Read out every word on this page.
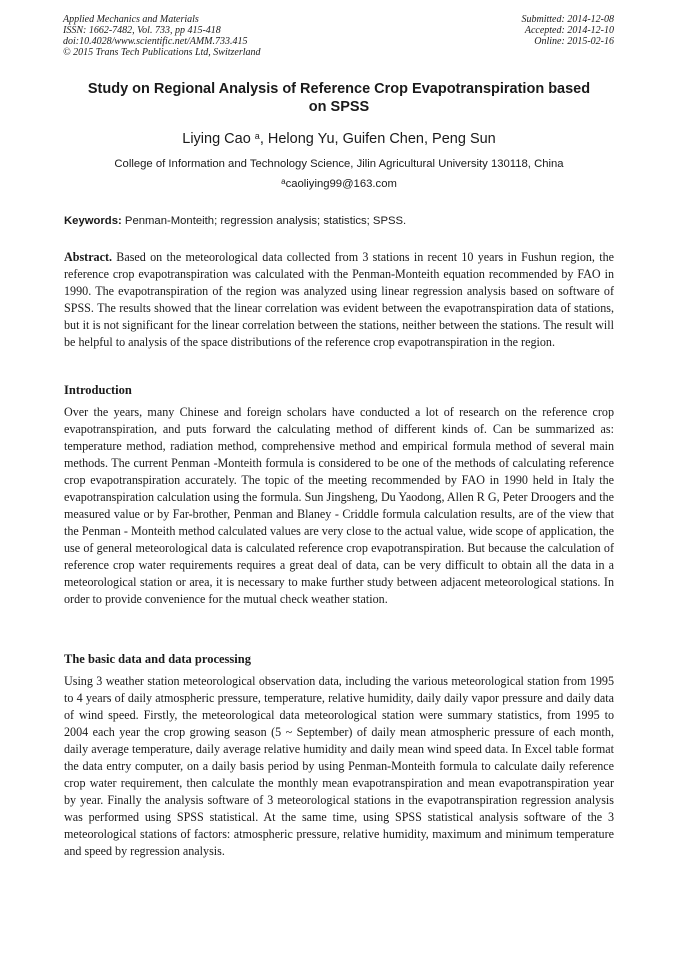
Applied Mechanics and Materials
ISSN: 1662-7482, Vol. 733, pp 415-418
doi:10.4028/www.scientific.net/AMM.733.415
© 2015 Trans Tech Publications Ltd, Switzerland
Submitted: 2014-12-08
Accepted: 2014-12-10
Online: 2015-02-16
Study on Regional Analysis of Reference Crop Evapotranspiration based
on SPSS
Liying Cao $^a$, Helong Yu, Guifen Chen, Peng Sun
College of Information and Technology Science, Jilin Agricultural University 130118, China
$^a$caoliying99@163.com
Keywords: Penman-Monteith; regression analysis; statistics; SPSS.

Abstract. Based on the meteorological data collected from 3 stations in recent 10 years in Fushun region, the reference crop evapotranspiration was calculated with the Penman-Monteith equation recommended by FAO in 1990. The evapotranspiration of the region was analyzed using linear regression analysis based on software of SPSS. The results showed that the linear correlation was evident between the evapotranspiration data of stations, but it is not significant for the linear correlation between the stations, neither between the stations. The result will be helpful to analysis of the space distributions of the reference crop evapotranspiration in the region.

Introduction

Over the years, many Chinese and foreign scholars have conducted a lot of research on the reference crop evapotranspiration, and puts forward the calculating method of different kinds of. Can be summarized as: temperature method, radiation method, comprehensive method and empirical formula method of several main methods. The current Penman -Monteith formula is considered to be one of the methods of calculating reference crop evapotranspiration accurately. The topic of the meeting recommended by FAO in 1990 held in Italy the evapotranspiration calculation using the formula. Sun Jingsheng, Du Yaodong, Allen R G, Peter Droogers and the measured value or by Far-brother, Penman and Blaney - Criddle formula calculation results, are of the view that the Penman - Monteith method calculated values are very close to the actual value, wide scope of application, the use of general meteorological data is calculated reference crop evapotranspiration. But because the calculation of reference crop water requirements requires a great deal of data, can be very difficult to obtain all the data in a meteorological station or area, it is necessary to make further study between adjacent meteorological stations. In order to provide convenience for the mutual check weather station.

The basic data and data processing

Using 3 weather station meteorological observation data, including the various meteorological station from 1995 to 4 years of daily atmospheric pressure, temperature, relative humidity, daily daily vapor pressure and daily data of wind speed. Firstly, the meteorological data meteorological station were summary statistics, from 1995 to 2004 each year the crop growing season (5 ~ September) of daily mean atmospheric pressure of each month, daily average temperature, daily average relative humidity and daily mean wind speed data. In Excel table format the data entry computer, on a daily basis period by using Penman-Monteith formula to calculate daily reference crop water requirement, then calculate the monthly mean evapotranspiration and mean evapotranspiration year by year. Finally the analysis software of 3 meteorological stations in the evapotranspiration regression analysis was performed using SPSS statistical. At the same time, using SPSS statistical analysis software of the 3 meteorological stations of factors: atmospheric pressure, relative humidity, maximum and minimum temperature and speed by regression analysis.
